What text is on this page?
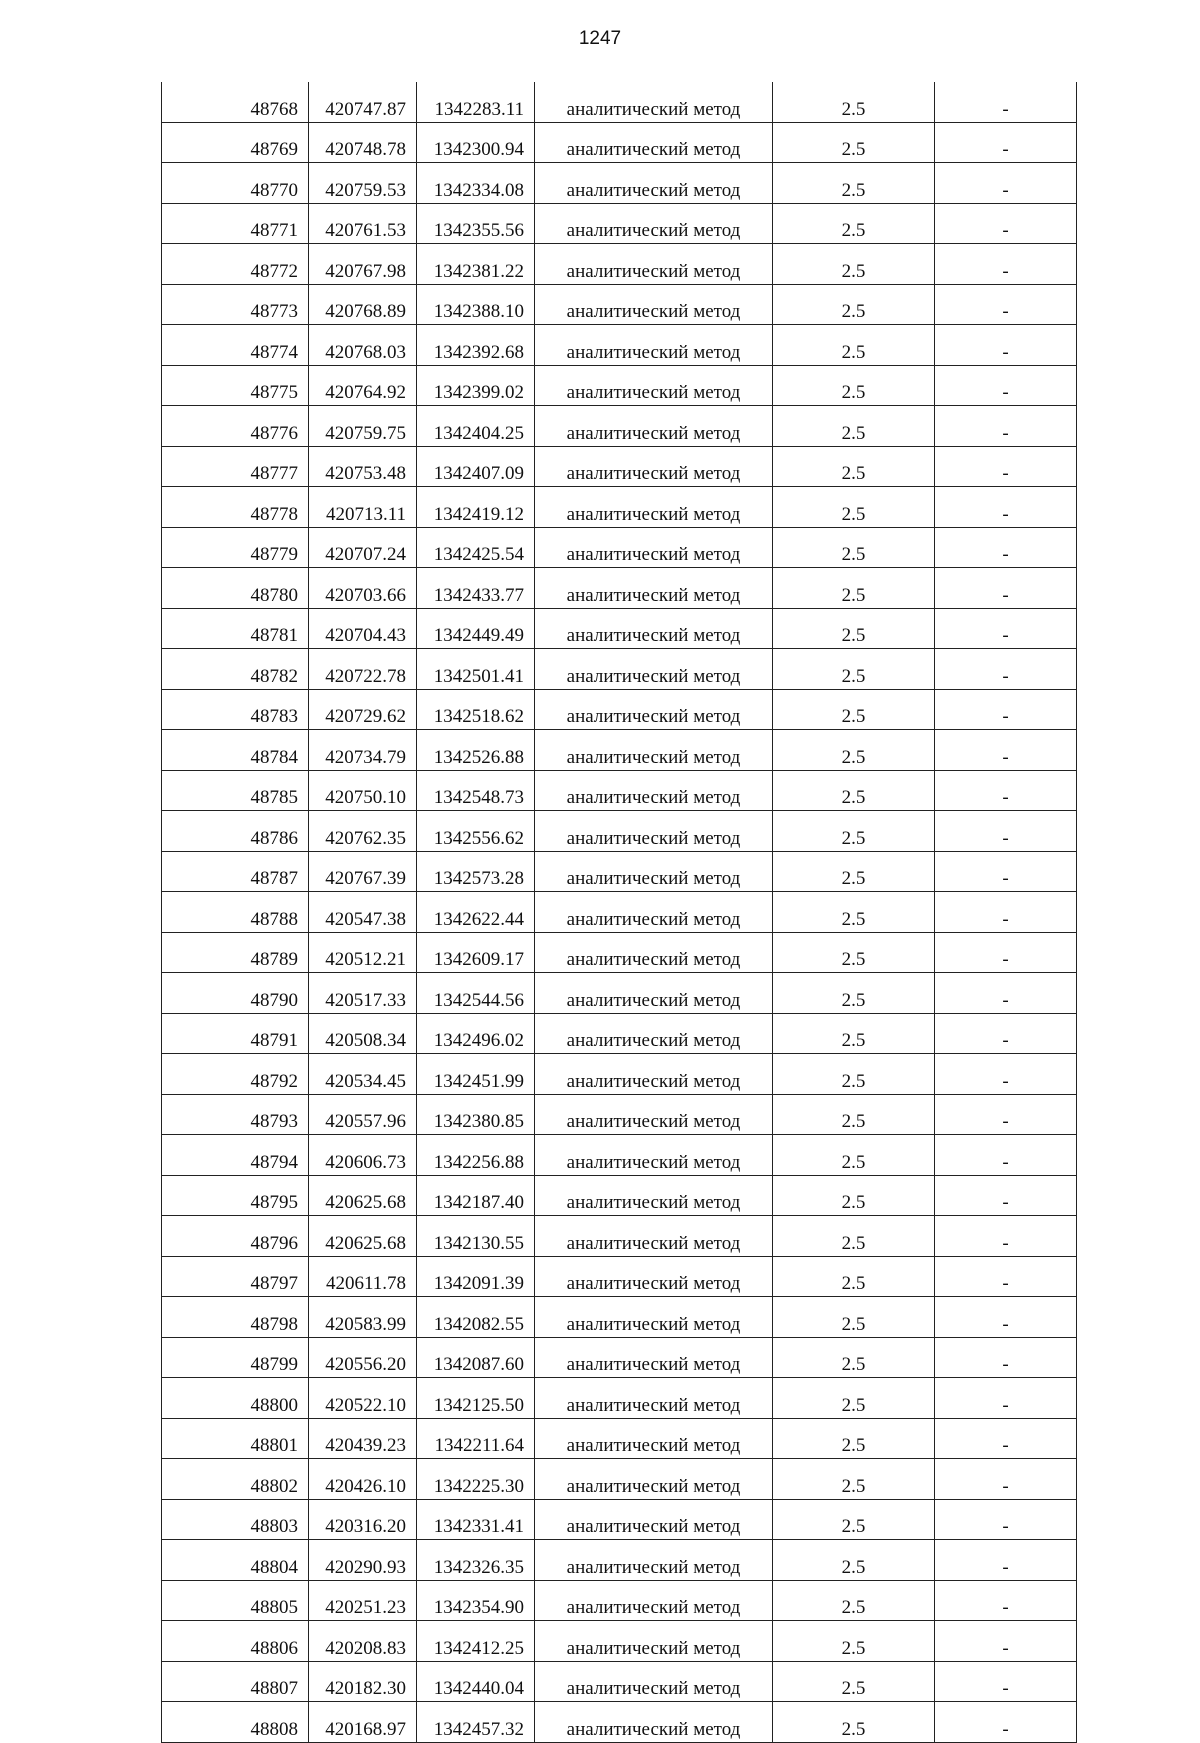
1247
48768	420747.87	1342283.11	аналитический метод	2.5	-
48769	420748.78	1342300.94	аналитический метод	2.5	-
48770	420759.53	1342334.08	аналитический метод	2.5	-
48771	420761.53	1342355.56	аналитический метод	2.5	-
48772	420767.98	1342381.22	аналитический метод	2.5	-
48773	420768.89	1342388.10	аналитический метод	2.5	-
48774	420768.03	1342392.68	аналитический метод	2.5	-
48775	420764.92	1342399.02	аналитический метод	2.5	-
48776	420759.75	1342404.25	аналитический метод	2.5	-
48777	420753.48	1342407.09	аналитический метод	2.5	-
48778	420713.11	1342419.12	аналитический метод	2.5	-
48779	420707.24	1342425.54	аналитический метод	2.5	-
48780	420703.66	1342433.77	аналитический метод	2.5	-
48781	420704.43	1342449.49	аналитический метод	2.5	-
48782	420722.78	1342501.41	аналитический метод	2.5	-
48783	420729.62	1342518.62	аналитический метод	2.5	-
48784	420734.79	1342526.88	аналитический метод	2.5	-
48785	420750.10	1342548.73	аналитический метод	2.5	-
48786	420762.35	1342556.62	аналитический метод	2.5	-
48787	420767.39	1342573.28	аналитический метод	2.5	-
48788	420547.38	1342622.44	аналитический метод	2.5	-
48789	420512.21	1342609.17	аналитический метод	2.5	-
48790	420517.33	1342544.56	аналитический метод	2.5	-
48791	420508.34	1342496.02	аналитический метод	2.5	-
48792	420534.45	1342451.99	аналитический метод	2.5	-
48793	420557.96	1342380.85	аналитический метод	2.5	-
48794	420606.73	1342256.88	аналитический метод	2.5	-
48795	420625.68	1342187.40	аналитический метод	2.5	-
48796	420625.68	1342130.55	аналитический метод	2.5	-
48797	420611.78	1342091.39	аналитический метод	2.5	-
48798	420583.99	1342082.55	аналитический метод	2.5	-
48799	420556.20	1342087.60	аналитический метод	2.5	-
48800	420522.10	1342125.50	аналитический метод	2.5	-
48801	420439.23	1342211.64	аналитический метод	2.5	-
48802	420426.10	1342225.30	аналитический метод	2.5	-
48803	420316.20	1342331.41	аналитический метод	2.5	-
48804	420290.93	1342326.35	аналитический метод	2.5	-
48805	420251.23	1342354.90	аналитический метод	2.5	-
48806	420208.83	1342412.25	аналитический метод	2.5	-
48807	420182.30	1342440.04	аналитический метод	2.5	-
48808	420168.97	1342457.32	аналитический метод	2.5	-
